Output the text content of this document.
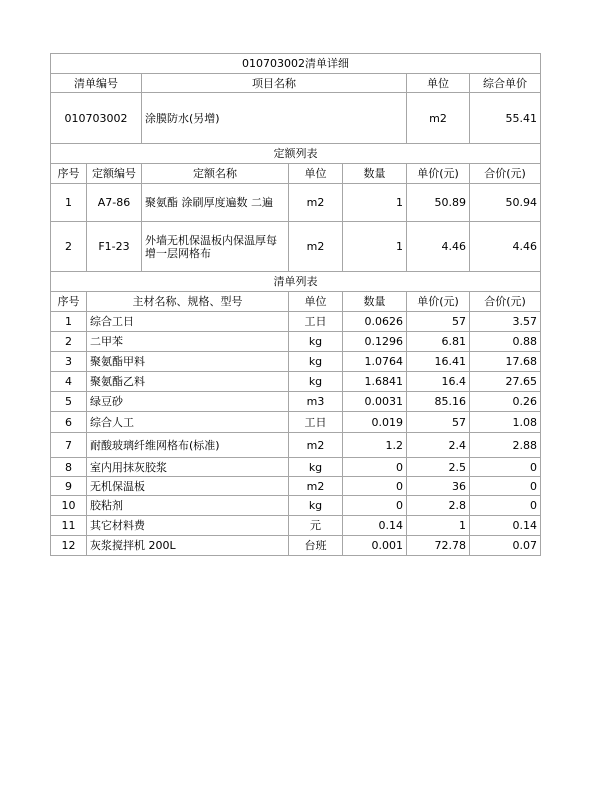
010703002清单详细						
清单编号		项目名称			单位	综合单价
010703002		涂膜防水(另增)			m2	55.41
定额列表						
序号	定额编号	定额名称	单位	数量	单价(元)	合价(元)
1	A7-86	聚氨酯 涂刷厚度遍数 二遍	m2	1	50.89	50.94
2	F1-23	外墙无机保温板内保温厚每增一层网格布	m2	1	4.46	4.46
清单列表						
序号	主材名称、规格、型号		单位	数量	单价(元)	合价(元)
1	综合工日		工日	0.0626	57	3.57
2	二甲苯		kg	0.1296	6.81	0.88
3	聚氨酯甲料		kg	1.0764	16.41	17.68
4	聚氨酯乙料		kg	1.6841	16.4	27.65
5	绿豆砂		m3	0.0031	85.16	0.26
6	综合人工		工日	0.019	57	1.08
7	耐酸玻璃纤维网格布(标准)		m2	1.2	2.4	2.88
8	室内用抹灰胶浆		kg	0	2.5	0
9	无机保温板		m2	0	36	0
10	胶粘剂		kg	0	2.8	0
11	其它材料费		元	0.14	1	0.14
12	灰浆搅拌机 200L		台班	0.001	72.78	0.07
